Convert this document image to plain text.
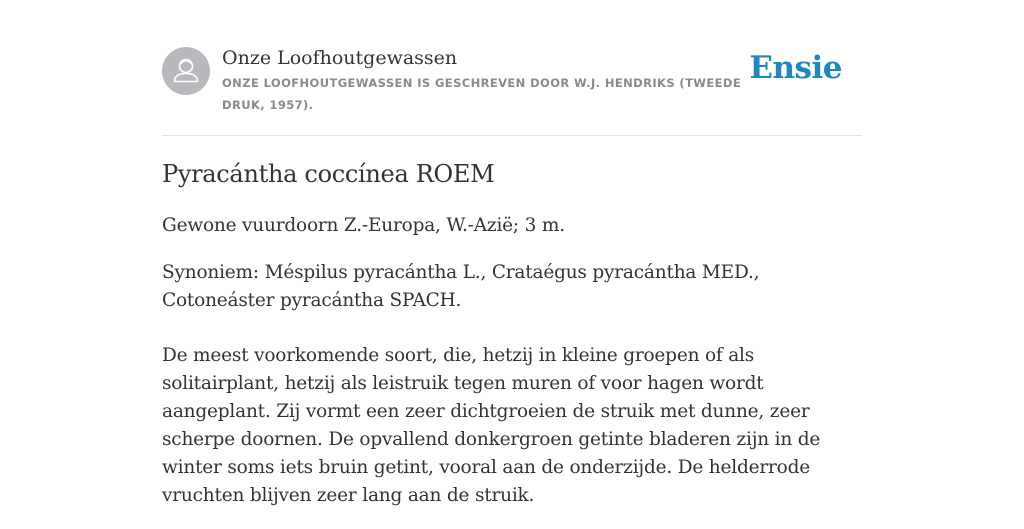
Onze Loofhoutgewassen
ONZE LOOFHOUTGEWASSEN IS GESCHREVEN DOOR W.J. HENDRIKS (TWEEDE DRUK, 1957).
Ensie
Pyracántha coccínea ROEM

Gewone vuurdoorn Z.-Europa, W.-Azië; 3 m.

Synoniem: Méspilus pyracántha L., Crataégus pyracántha MED., Cotoneáster pyracántha SPACH.

De meest voorkomende soort, die, hetzij in kleine groepen of als solitairplant, hetzij als leistruik tegen muren of voor hagen wordt aangeplant. Zij vormt een zeer dichtgroeien de struik met dunne, zeer scherpe doornen. De opvallend donkergroen getinte bladeren zijn in de winter soms iets bruin getint, vooral aan de onderzijde. De helderrode vruchten blijven zeer lang aan de struik.
